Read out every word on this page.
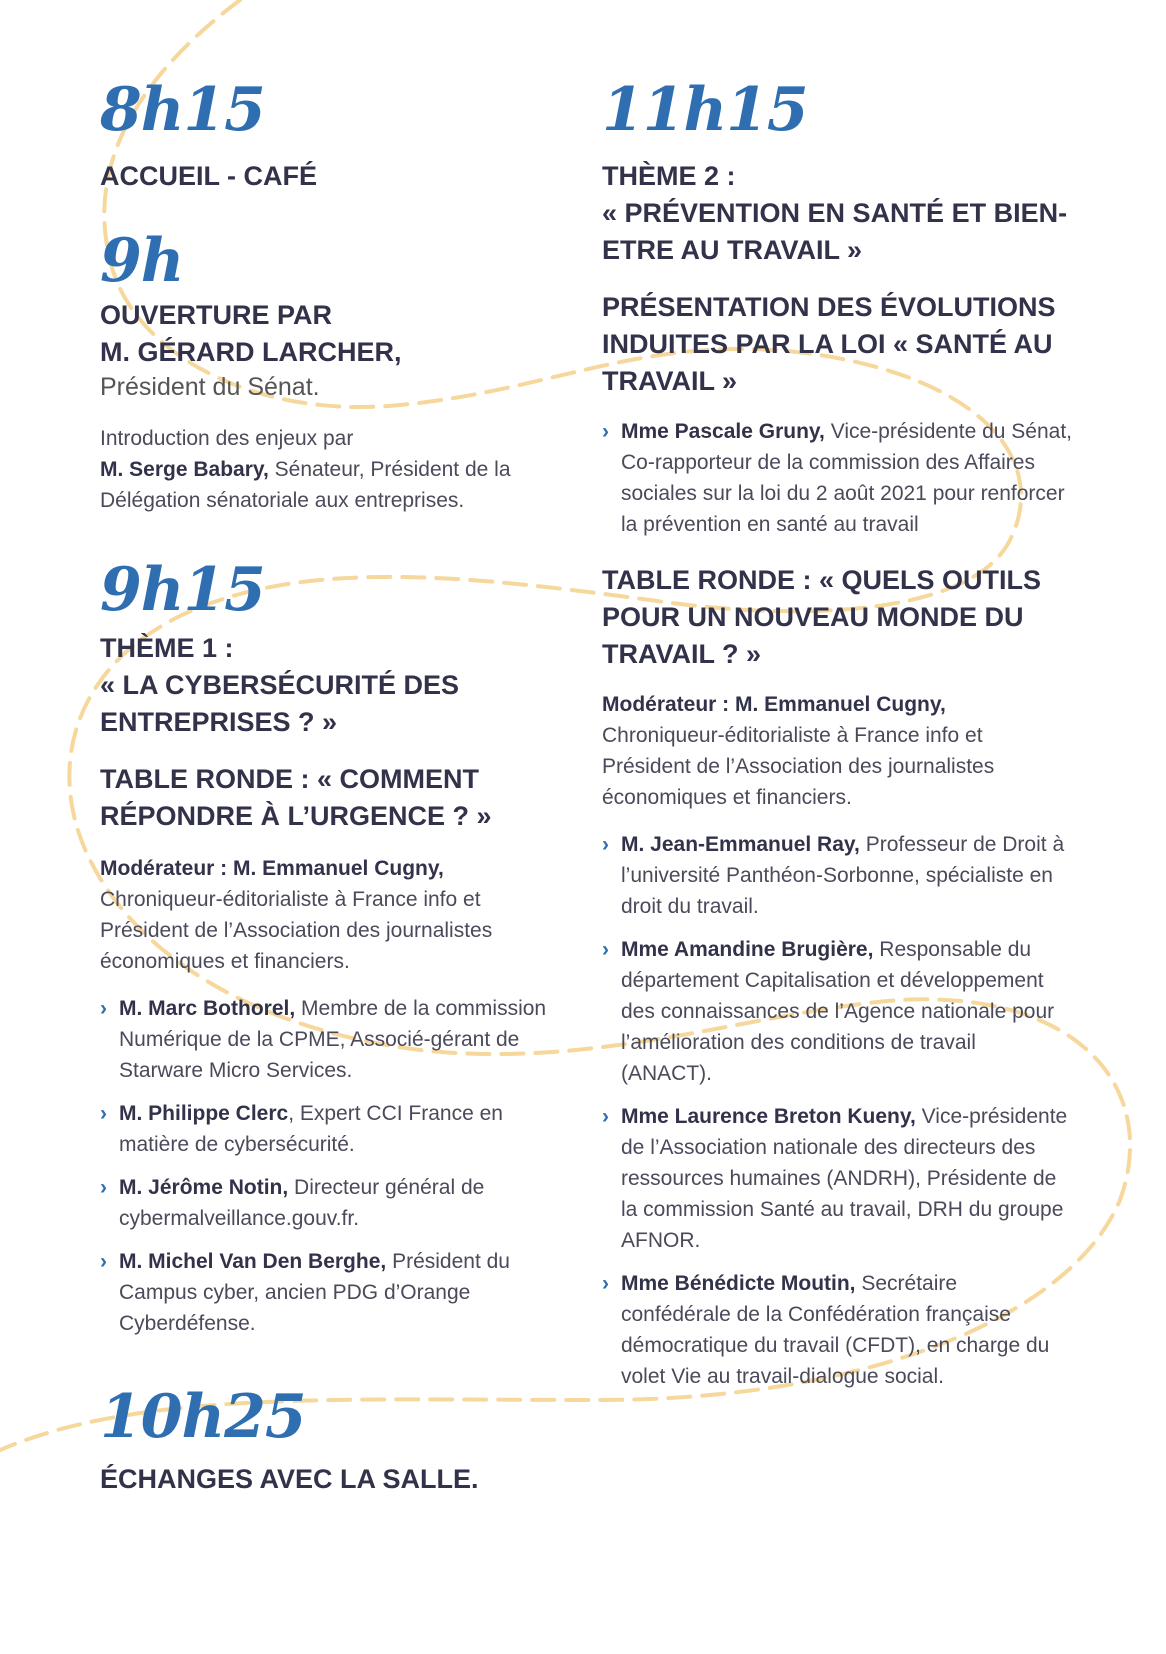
8h15
ACCUEIL - CAFÉ
9h
OUVERTURE PAR
M. GÉRARD LARCHER,
Président du Sénat.
Introduction des enjeux par
M. Serge Babary, Sénateur, Président de la Délégation sénatoriale aux entreprises.
9h15
THÈME 1 :
« LA CYBERSÉCURITÉ DES ENTREPRISES ? »
TABLE RONDE : « COMMENT RÉPONDRE À L’URGENCE ? »
Modérateur : M. Emmanuel Cugny, Chroniqueur-éditorialiste à France info et Président de l’Association des journalistes économiques et financiers.
› M. Marc Bothorel, Membre de la commission Numérique de la CPME, Associé-gérant de Starware Micro Services.
› M. Philippe Clerc, Expert CCI France en matière de cybersécurité.
› M. Jérôme Notin, Directeur général de cybermalveillance.gouv.fr.
› M. Michel Van Den Berghe, Président du Campus cyber, ancien PDG d’Orange Cyberdéfense.
10h25
ÉCHANGES AVEC LA SALLE.
11h15
THÈME 2 :
« PRÉVENTION EN SANTÉ ET BIEN-ETRE AU TRAVAIL »
PRÉSENTATION DES ÉVOLUTIONS INDUITES PAR LA LOI « SANTÉ AU TRAVAIL »
› Mme Pascale Gruny, Vice-présidente du Sénat, Co-rapporteur de la commission des Affaires sociales sur la loi du 2 août 2021 pour renforcer la prévention en santé au travail
TABLE RONDE : « QUELS OUTILS POUR UN NOUVEAU MONDE DU TRAVAIL ? »
Modérateur : M. Emmanuel Cugny, Chroniqueur-éditorialiste à France info et Président de l’Association des journalistes économiques et financiers.
› M. Jean-Emmanuel Ray, Professeur de Droit à l’université Panthéon-Sorbonne, spécialiste en droit du travail.
› Mme Amandine Brugière, Responsable du département Capitalisation et développement des connaissances de l’Agence nationale pour l’amélioration des conditions de travail (ANACT).
› Mme Laurence Breton Kueny, Vice-présidente de l’Association nationale des directeurs des ressources humaines (ANDRH), Présidente de la commission Santé au travail, DRH du groupe AFNOR.
› Mme Bénédicte Moutin, Secrétaire confédérale de la Confédération française démocratique du travail (CFDT), en charge du volet Vie au travail-dialogue social.
